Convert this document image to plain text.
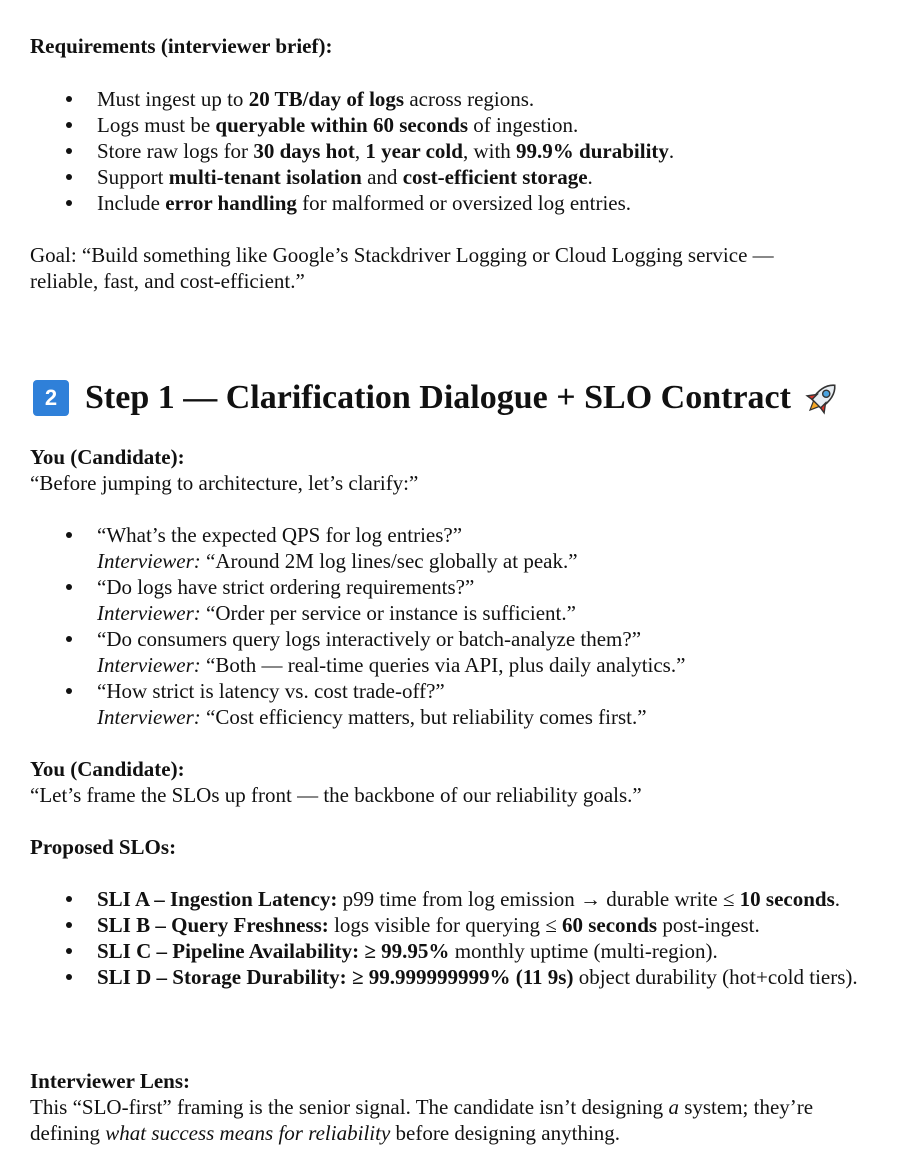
Requirements (interviewer brief):
Must ingest up to 20 TB/day of logs across regions.
Logs must be queryable within 60 seconds of ingestion.
Store raw logs for 30 days hot, 1 year cold, with 99.9% durability.
Support multi-tenant isolation and cost-efficient storage.
Include error handling for malformed or oversized log entries.
Goal: “Build something like Google’s Stackdriver Logging or Cloud Logging service —
reliable, fast, and cost-efficient.”
2 Step 1 — Clarification Dialogue + SLO Contract
You (Candidate):
“Before jumping to architecture, let’s clarify:”
“What’s the expected QPS for log entries?”
Interviewer: “Around 2M log lines/sec globally at peak.”
“Do logs have strict ordering requirements?”
Interviewer: “Order per service or instance is sufficient.”
“Do consumers query logs interactively or batch-analyze them?”
Interviewer: “Both — real-time queries via API, plus daily analytics.”
“How strict is latency vs. cost trade-off?”
Interviewer: “Cost efficiency matters, but reliability comes first.”
You (Candidate):
“Let’s frame the SLOs up front — the backbone of our reliability goals.”
Proposed SLOs:
SLI A – Ingestion Latency: p99 time from log emission → durable write ≤ 10 seconds.
SLI B – Query Freshness: logs visible for querying ≤ 60 seconds post-ingest.
SLI C – Pipeline Availability: ≥ 99.95% monthly uptime (multi-region).
SLI D – Storage Durability: ≥ 99.999999999% (11 9s) object durability (hot+cold tiers).
Interviewer Lens:
This “SLO-first” framing is the senior signal. The candidate isn’t designing a system; they’re defining what success means for reliability before designing anything.
